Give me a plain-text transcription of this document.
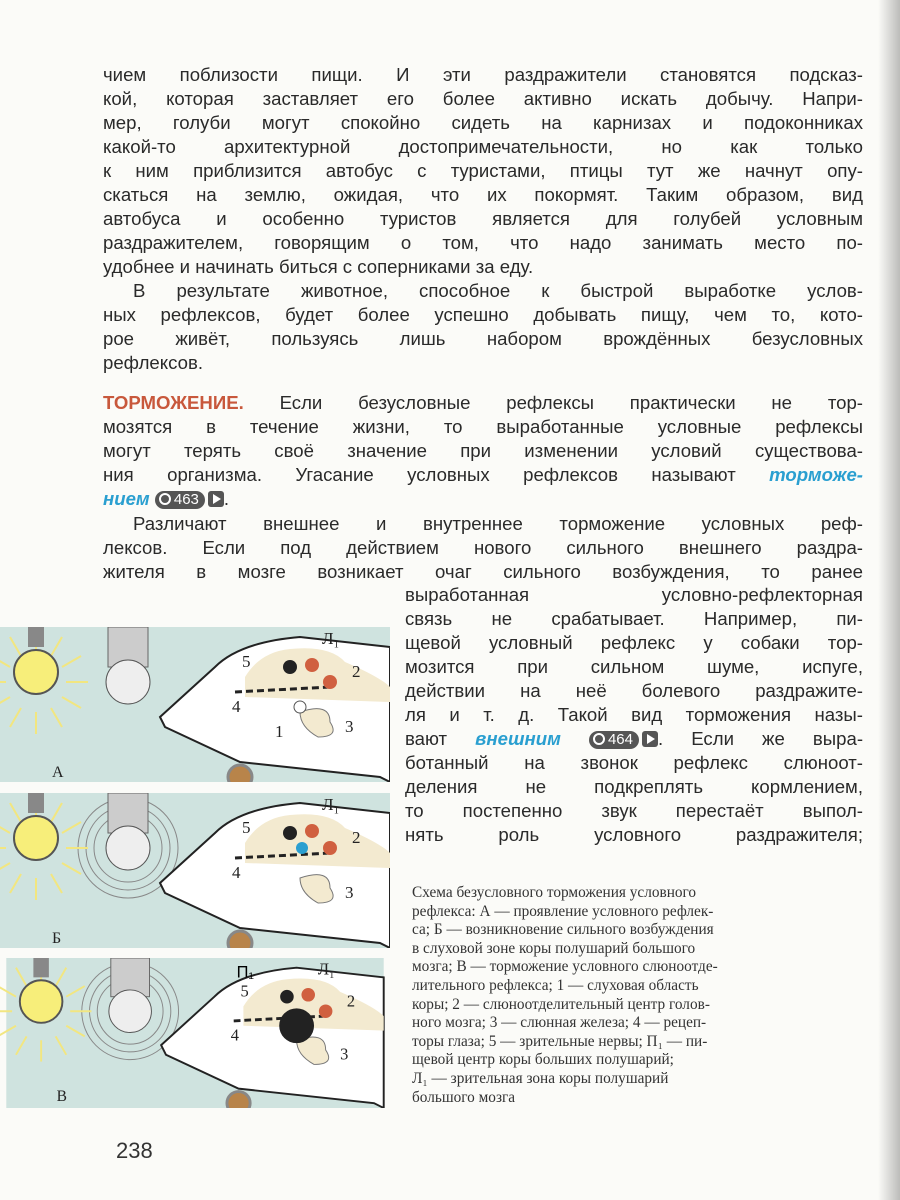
чием поблизости пищи. И эти раздражители становятся подсказ-
кой, которая заставляет его более активно искать добычу. Напри-
мер, голуби могут спокойно сидеть на карнизах и подоконниках
какой-то архитектурной достопримечательности, но как только
к ним приблизится автобус с туристами, птицы тут же начнут опу-
скаться на землю, ожидая, что их покормят. Таким образом, вид
автобуса и особенно туристов является для голубей условным
раздражителем, говорящим о том, что надо занимать место по-
удобнее и начинать биться с соперниками за еду.
В результате животное, способное к быстрой выработке услов-
ных рефлексов, будет более успешно добывать пищу, чем то, кото-
рое живёт, пользуясь лишь набором врождённых безусловных
рефлексов.
Различают внешнее и внутреннее торможение условных реф-
лексов. Если под действием нового сильного внешнего раздра-
жителя в мозге возникает очаг сильного возбуждения, то ранее
выработанная условно-рефлекторная
связь не срабатывает. Например, пи-
щевой условный рефлекс у собаки тор-
мозится при сильном шуме, испуге,
действии на неё болевого раздражите-
ля и т. д. Такой вид торможения назы-
ботанный на звонок рефлекс слюноот-
деления не подкреплять кормлением,
то постепенно звук перестаёт выпол-
нять роль условного раздражителя;
ТОРМОЖЕНИЕ. Если безусловные рефлексы практически не тор-
мозятся в течение жизни, то выработанные условные рефлексы
могут терять своё значение при изменении условий существова-
ния организма. Угасание условных рефлексов называют торможе-
нием 463 .
вают внешним	464 . Если же выра-
Л₁
5
2
3
4
1
А
Л₁
5
2
3
4
Б
П₁	Л₁
5
2
3
4
В
Схема безусловного торможения условного
рефлекса: А — проявление условного рефлек-
са; Б — возникновение сильного возбуждения
в слуховой зоне коры полушарий большого
мозга; В — торможение условного слюноотде-
лительного рефлекса; 1 — слуховая область
коры; 2 — слюноотделительный центр голов-
ного мозга; 3 — слюнная железа; 4 — рецеп-
торы глаза; 5 — зрительные нервы; П₁ — пи-
щевой центр коры больших полушарий;
Л₁ — зрительная зона коры полушарий
большого мозга
238
